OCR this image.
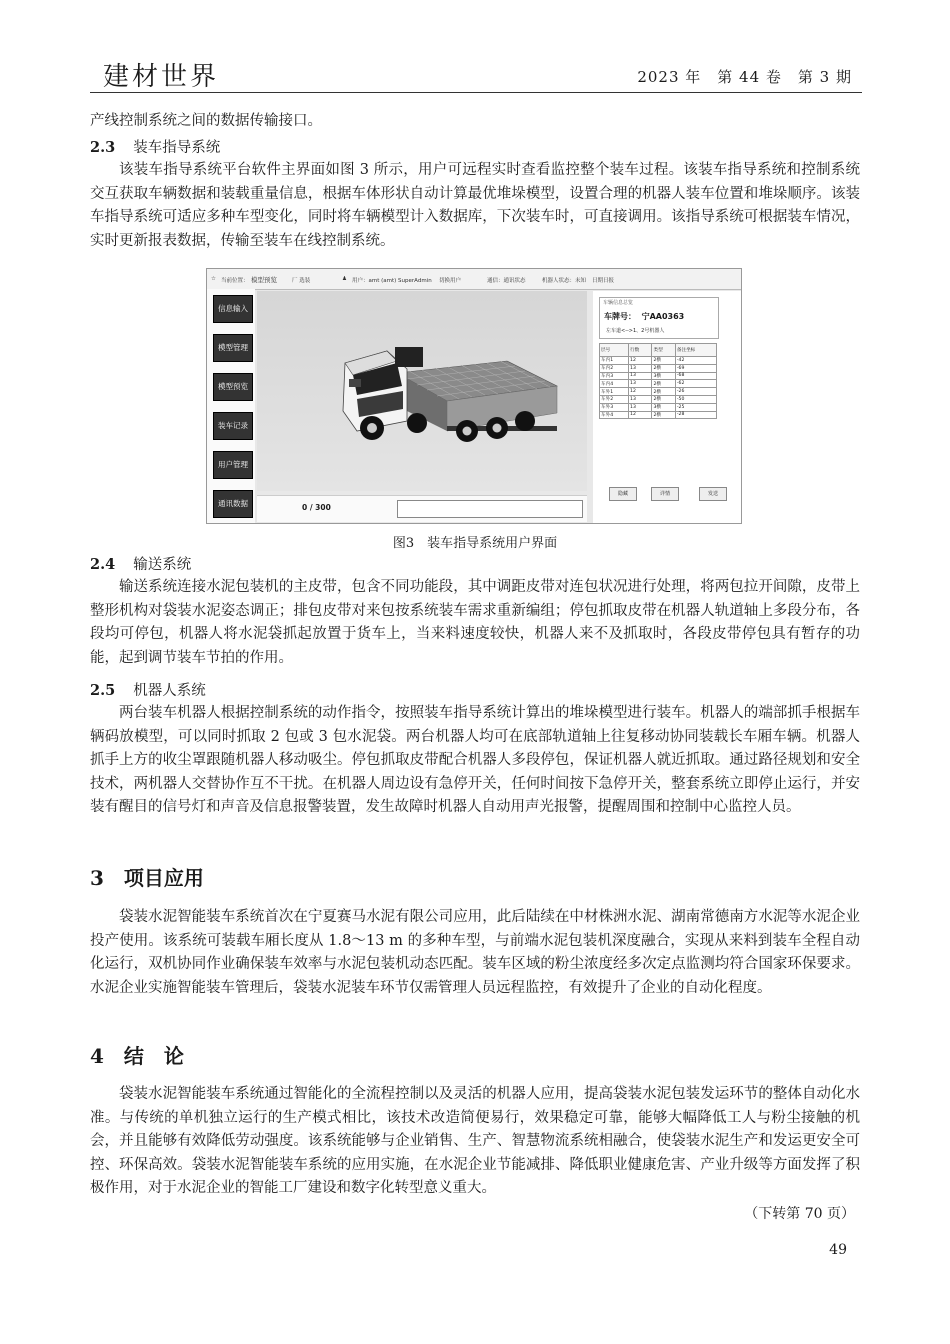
建材世界	2023 年　第 44 卷　第 3 期

产线控制系统之间的数据传输接口。

2.3 装车指导系统

该装车指导系统平台软件主界面如图 3 所示，用户可远程实时查看监控整个装车过程。该装车指导系统和控制系统交互获取车辆数据和装载重量信息，根据车体形状自动计算最优堆垛模型，设置合理的机器人装车位置和堆垛顺序。该装车指导系统可适应多种车型变化，同时将车辆模型计入数据库，下次装车时，可直接调用。该指导系统可根据装车情况，实时更新报表数据，传输至装车在线控制系统。

☆ 当前位置： 模型预览	厂 选装	♟ 用户：amt (amt) SuperAdmin 切换用户	通信：通讯状态	机器人状态：未知 日期日报
信息输入
模型管理
模型预览
装车记录
用户管理
通讯数据	0 / 300
车辆信息总览
车牌号： 宁AA0363
左车道<-->1、2号机器人
层号	行数	类型	备注坐标
车内1	12	2横	-42
车内2	13	2横	-69
车内3	13	3横	-68
车内4	13	2横	-62
车外1	12	2横	-26
车外2	13	2横	-50
车外3	13	3横	-25
车外4	12	2横	-28
隐藏	详情	发送
图3　装车指导系统用户界面
2.4 输送系统

输送系统连接水泥包装机的主皮带，包含不同功能段，其中调距皮带对连包状况进行处理，将两包拉开间隙，皮带上整形机构对袋装水泥姿态调正；排包皮带对来包按系统装车需求重新编组；停包抓取皮带在机器人轨道轴上多段分布，各段均可停包，机器人将水泥袋抓起放置于货车上，当来料速度较快，机器人来不及抓取时，各段皮带停包具有暂存的功能，起到调节装车节拍的作用。

2.5 机器人系统

两台装车机器人根据控制系统的动作指令，按照装车指导系统计算出的堆垛模型进行装车。机器人的端部抓手根据车辆码放模型，可以同时抓取 2 包或 3 包水泥袋。两台机器人均可在底部轨道轴上往复移动协同装载长车厢车辆。机器人抓手上方的收尘罩跟随机器人移动吸尘。停包抓取皮带配合机器人多段停包，保证机器人就近抓取。通过路径规划和安全技术，两机器人交替协作互不干扰。在机器人周边设有急停开关，任何时间按下急停开关，整套系统立即停止运行，并安装有醒目的信号灯和声音及信息报警装置，发生故障时机器人自动用声光报警，提醒周围和控制中心监控人员。

3 项目应用

袋装水泥智能装车系统首次在宁夏赛马水泥有限公司应用，此后陆续在中材株洲水泥、湖南常德南方水泥等水泥企业投产使用。该系统可装载车厢长度从 1.8～13 m 的多种车型，与前端水泥包装机深度融合，实现从来料到装车全程自动化运行，双机协同作业确保装车效率与水泥包装机动态匹配。装车区域的粉尘浓度经多次定点监测均符合国家环保要求。水泥企业实施智能装车管理后，袋装水泥装车环节仅需管理人员远程监控，有效提升了企业的自动化程度。

4 结　论

袋装水泥智能装车系统通过智能化的全流程控制以及灵活的机器人应用，提高袋装水泥包装发运环节的整体自动化水准。与传统的单机独立运行的生产模式相比，该技术改造简便易行，效果稳定可靠，能够大幅降低工人与粉尘接触的机会，并且能够有效降低劳动强度。该系统能够与企业销售、生产、智慧物流系统相融合，使袋装水泥生产和发运更安全可控、环保高效。袋装水泥智能装车系统的应用实施，在水泥企业节能减排、降低职业健康危害、产业升级等方面发挥了积极作用，对于水泥企业的智能工厂建设和数字化转型意义重大。

（下转第 70 页）
49
